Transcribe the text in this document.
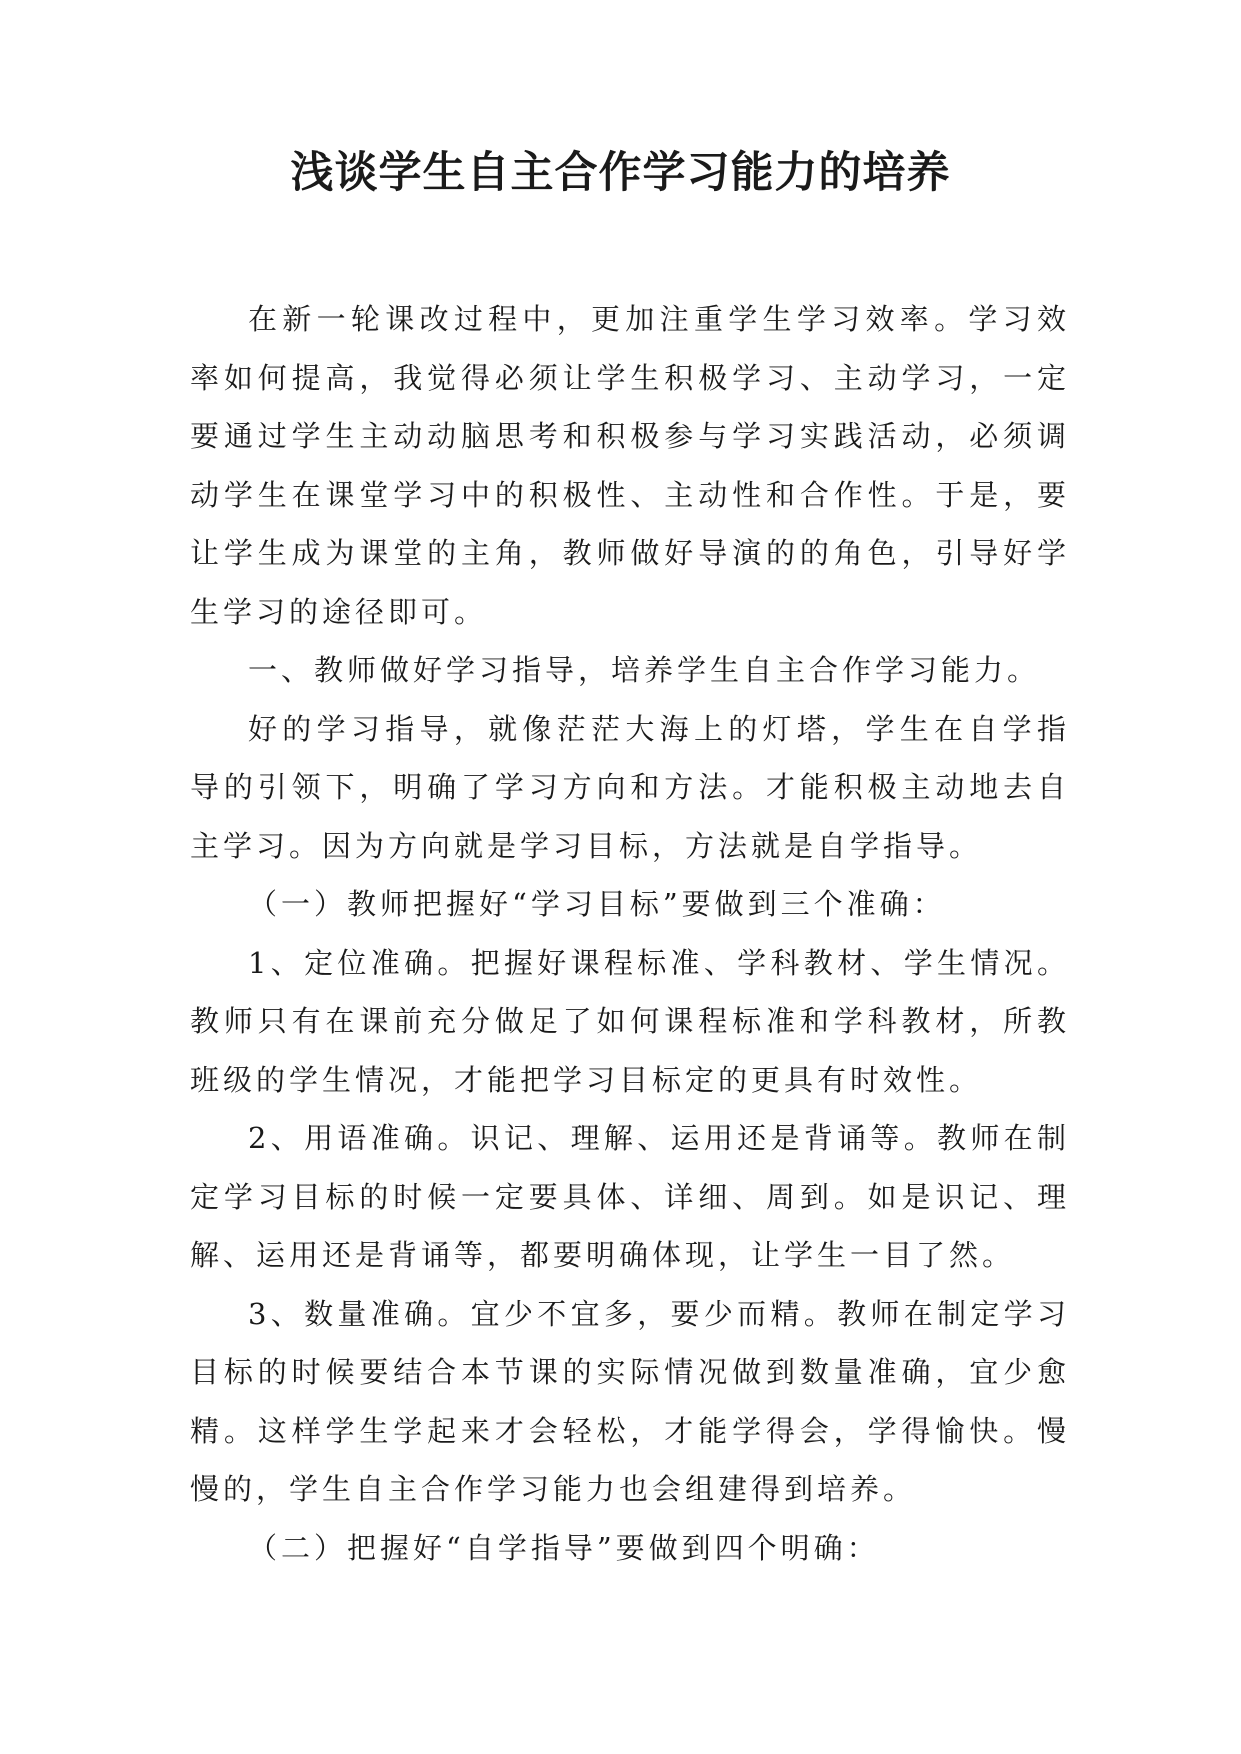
浅谈学生自主合作学习能力的培养

在新一轮课改过程中，更加注重学生学习效率。学习效率如何提高，我觉得必须让学生积极学习、主动学习，一定要通过学生主动动脑思考和积极参与学习实践活动，必须调动学生在课堂学习中的积极性、主动性和合作性。于是，要让学生成为课堂的主角，教师做好导演的的角色，引导好学生学习的途径即可。

一、教师做好学习指导，培养学生自主合作学习能力。

好的学习指导，就像茫茫大海上的灯塔，学生在自学指导的引领下，明确了学习方向和方法。才能积极主动地去自主学习。因为方向就是学习目标，方法就是自学指导。

（一）教师把握好“学习目标”要做到三个准确：

1、定位准确。把握好课程标准、学科教材、学生情况。教师只有在课前充分做足了如何课程标准和学科教材，所教班级的学生情况，才能把学习目标定的更具有时效性。

2、用语准确。识记、理解、运用还是背诵等。教师在制定学习目标的时候一定要具体、详细、周到。如是识记、理解、运用还是背诵等，都要明确体现，让学生一目了然。

3、数量准确。宜少不宜多，要少而精。教师在制定学习目标的时候要结合本节课的实际情况做到数量准确，宜少愈精。这样学生学起来才会轻松，才能学得会，学得愉快。慢慢的，学生自主合作学习能力也会组建得到培养。

（二）把握好“自学指导”要做到四个明确：
